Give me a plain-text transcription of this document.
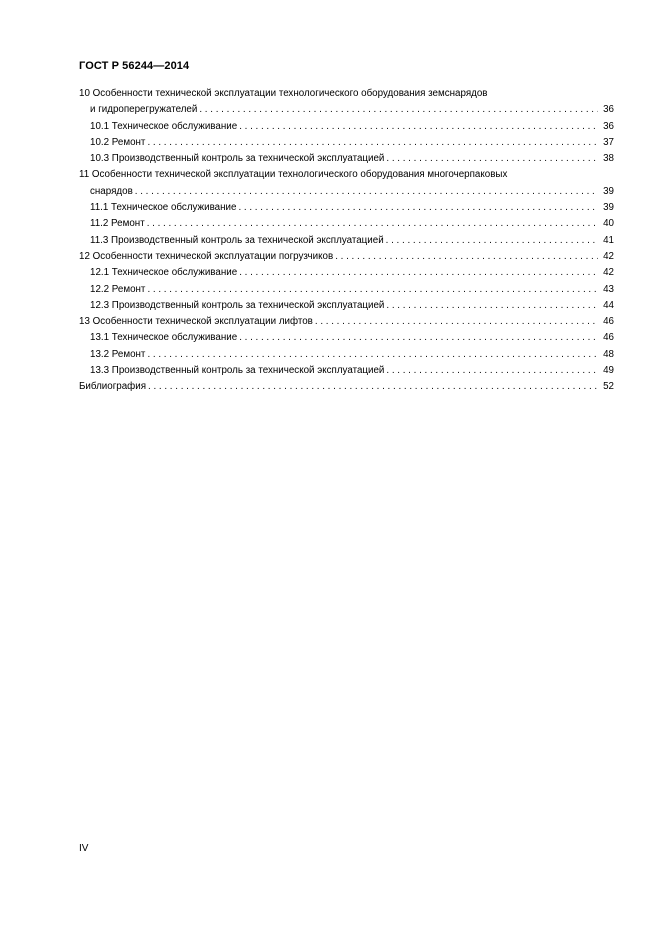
ГОСТ Р 56244—2014
10 Особенности технической эксплуатации технологического оборудования земснарядов
и гидроперегружателей . . .	36
10.1 Техническое обслуживание . . .	36
10.2 Ремонт . . .	37
10.3 Производственный контроль за технической эксплуатацией . . .	38
11 Особенности технической эксплуатации технологического оборудования многочерпаковых
снарядов . . .	39
11.1 Техническое обслуживание . . .	39
11.2 Ремонт . . .	40
11.3 Производственный контроль за технической эксплуатацией . . .	41
12 Особенности технической эксплуатации погрузчиков . . .	42
12.1 Техническое обслуживание . . .	42
12.2 Ремонт . . .	43
12.3 Производственный контроль за технической эксплуатацией . . .	44
13 Особенности технической эксплуатации лифтов . . .	46
13.1 Техническое обслуживание . . .	46
13.2 Ремонт . . .	48
13.3 Производственный контроль за технической эксплуатацией . . .	49
Библиография . . .	52
IV
